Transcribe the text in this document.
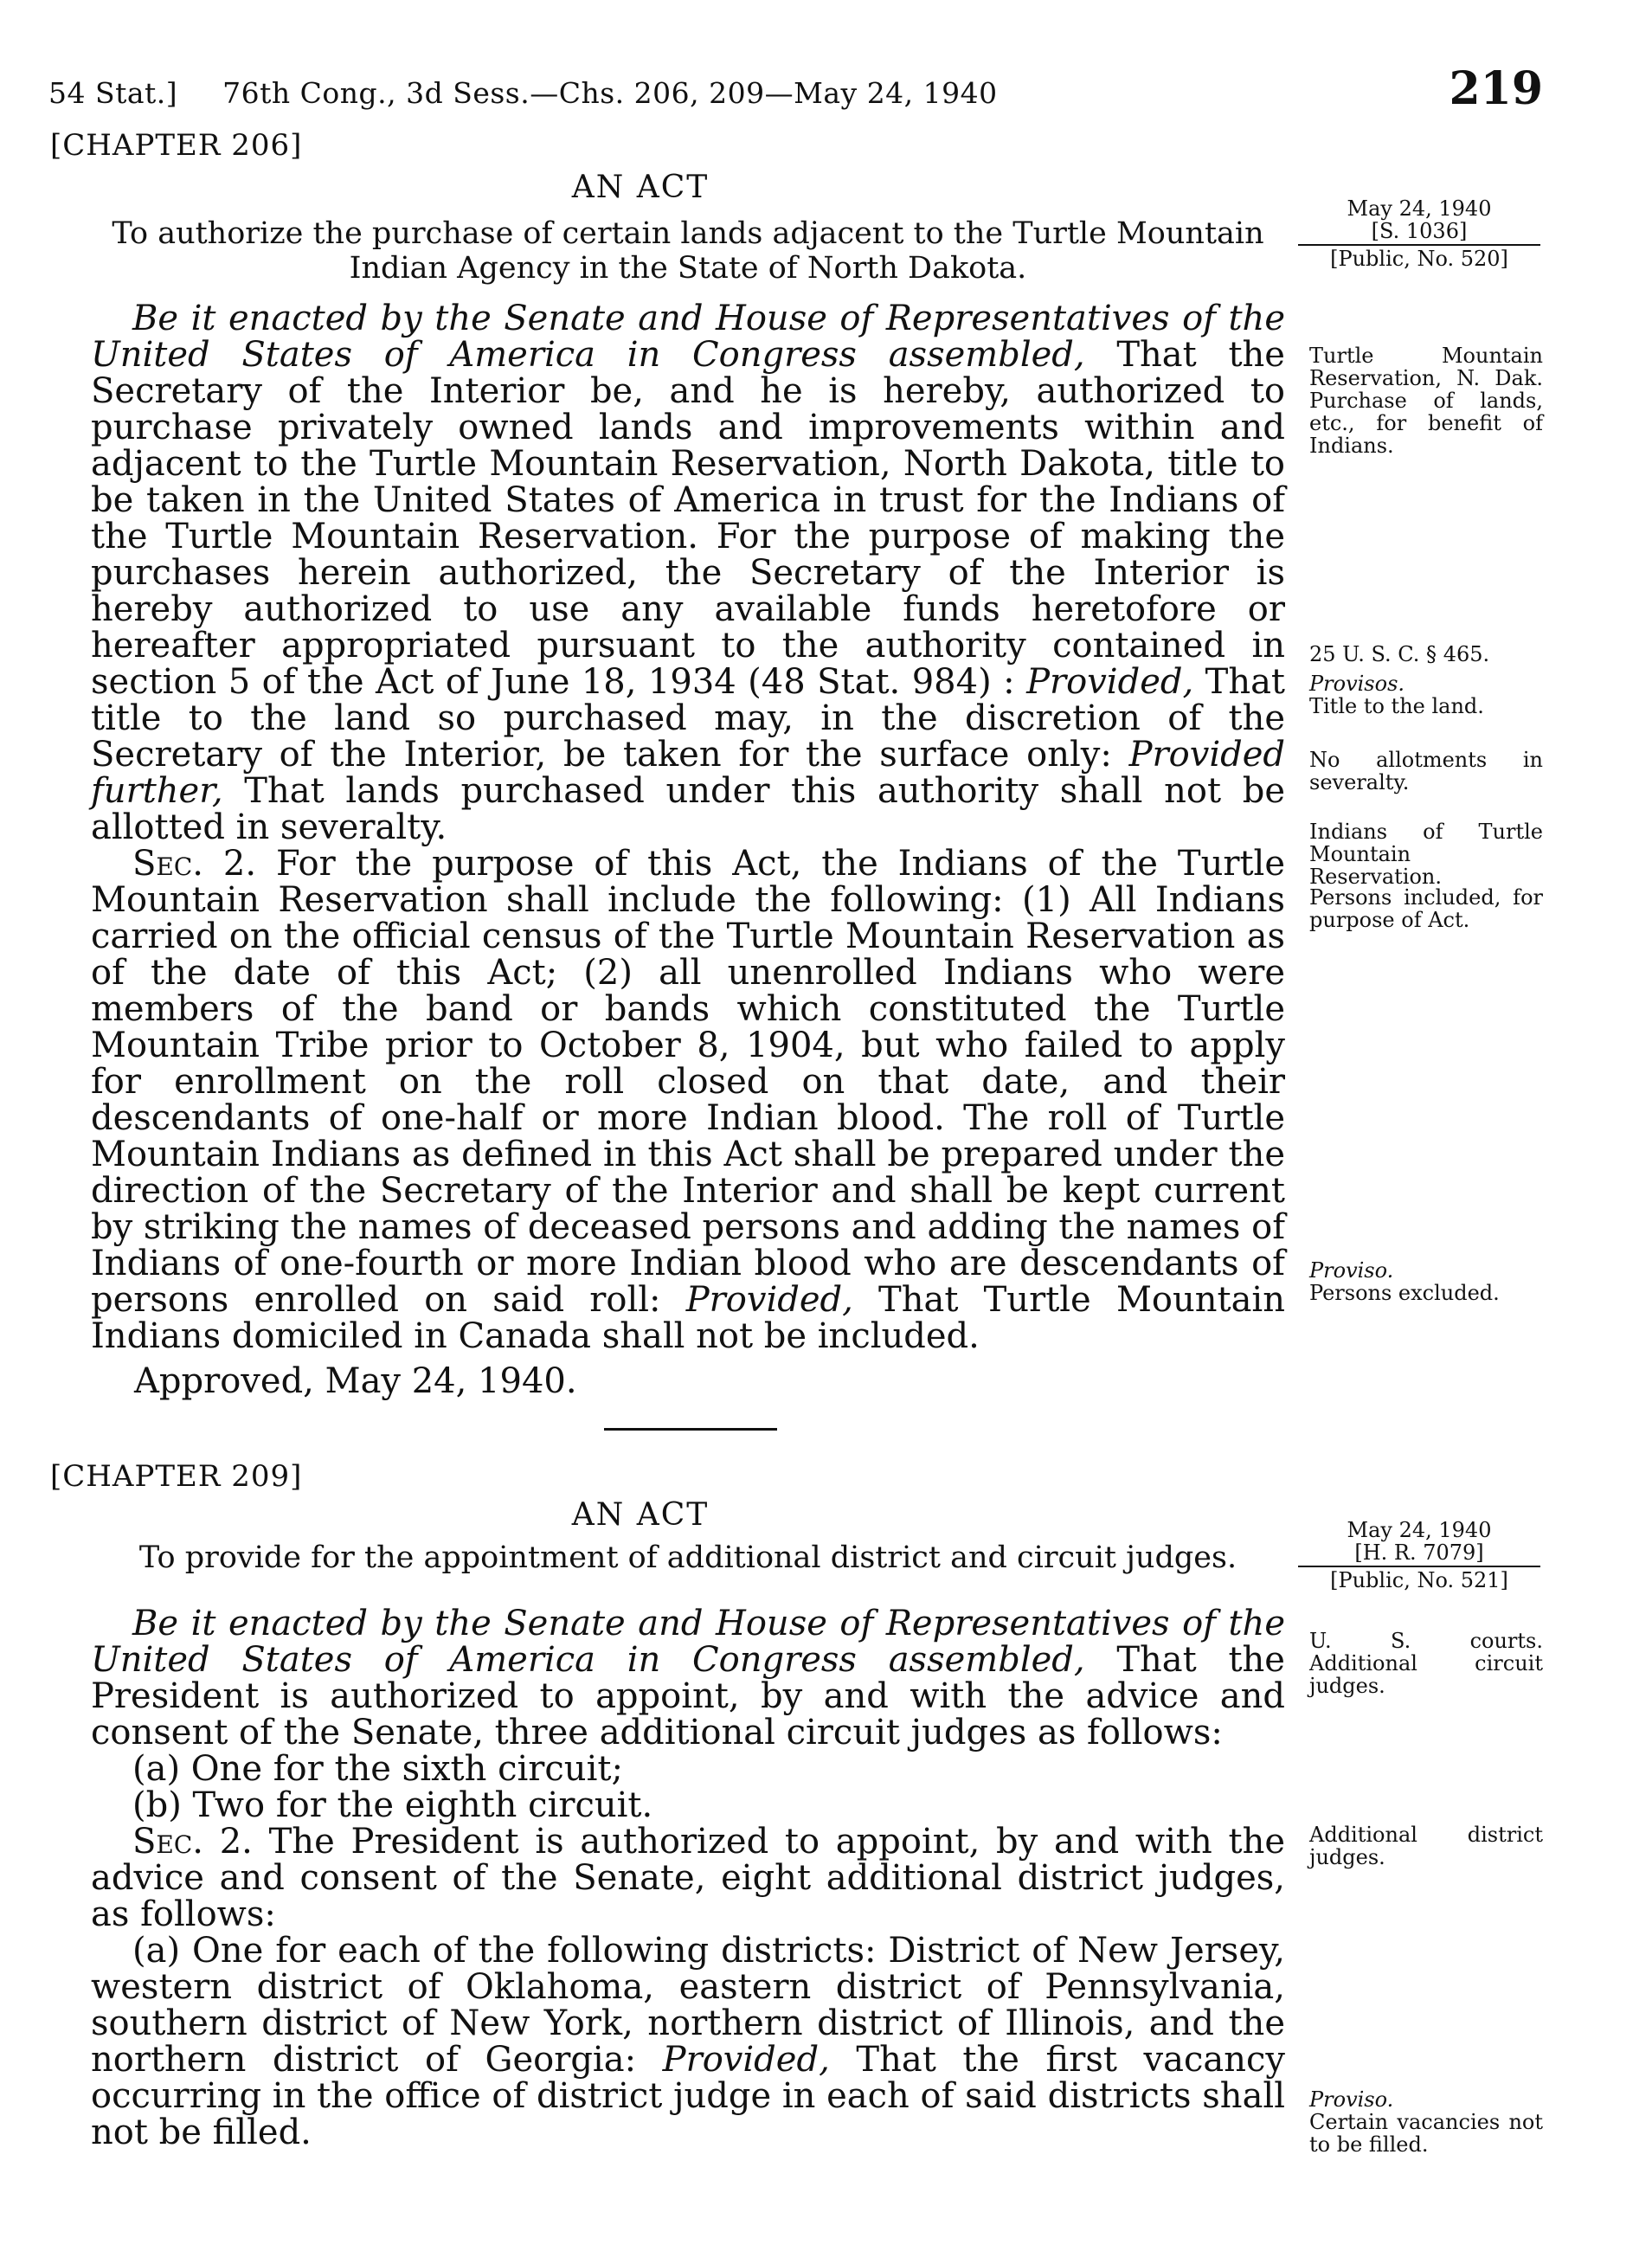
54 Stat.] 76th Cong., 3d Sess.—Chs. 206, 209—May 24, 1940	219
[CHAPTER 206]
AN ACT
To authorize the purchase of certain lands adjacent to the Turtle Mountain Indian Agency in the State of North Dakota.
May 24, 1940
[S. 1036]
[Public, No. 520]

Be it enacted by the Senate and House of Representatives of the United States of America in Congress assembled, That the Secretary of the Interior be, and he is hereby, authorized to purchase privately owned lands and improvements within and adjacent to the Turtle Mountain Reservation, North Dakota, title to be taken in the United States of America in trust for the Indians of the Turtle Mountain Reservation. For the purpose of making the purchases herein authorized, the Secretary of the Interior is hereby authorized to use any available funds heretofore or hereafter appropriated pursuant to the authority contained in section 5 of the Act of June 18, 1934 (48 Stat. 984) : Provided, That title to the land so purchased may, in the discretion of the Secretary of the Interior, be taken for the surface only: Provided further, That lands purchased under this authority shall not be allotted in severalty.

Sec. 2. For the purpose of this Act, the Indians of the Turtle Mountain Reservation shall include the following: (1) All Indians carried on the official census of the Turtle Mountain Reservation as of the date of this Act; (2) all unenrolled Indians who were members of the band or bands which constituted the Turtle Mountain Tribe prior to October 8, 1904, but who failed to apply for enrollment on the roll closed on that date, and their descendants of one-half or more Indian blood. The roll of Turtle Mountain Indians as defined in this Act shall be prepared under the direction of the Secretary of the Interior and shall be kept current by striking the names of deceased persons and adding the names of Indians of one-fourth or more Indian blood who are descendants of persons enrolled on said roll: Provided, That Turtle Mountain Indians domiciled in Canada shall not be included.

Approved, May 24, 1940.

Turtle Mountain Reservation, N. Dak. Purchase of lands, etc., for benefit of Indians.
25 U. S. C. § 465.
Provisos.
Title to the land.
No allotments in severalty.
Indians of Turtle Mountain Reservation.
Persons included, for purpose of Act.
Proviso.
Persons excluded.
[CHAPTER 209]
AN ACT
To provide for the appointment of additional district and circuit judges.
May 24, 1940
[H. R. 7079]
[Public, No. 521]

Be it enacted by the Senate and House of Representatives of the United States of America in Congress assembled, That the President is authorized to appoint, by and with the advice and consent of the Senate, three additional circuit judges as follows:

(a) One for the sixth circuit;

(b) Two for the eighth circuit.

Sec. 2. The President is authorized to appoint, by and with the advice and consent of the Senate, eight additional district judges, as follows:

(a) One for each of the following districts: District of New Jersey, western district of Oklahoma, eastern district of Pennsylvania, southern district of New York, northern district of Illinois, and the northern district of Georgia: Provided, That the first vacancy occurring in the office of district judge in each of said districts shall not be filled.

U. S. courts. Additional circuit judges.
Additional district judges.
Proviso.
Certain vacancies not to be filled.
